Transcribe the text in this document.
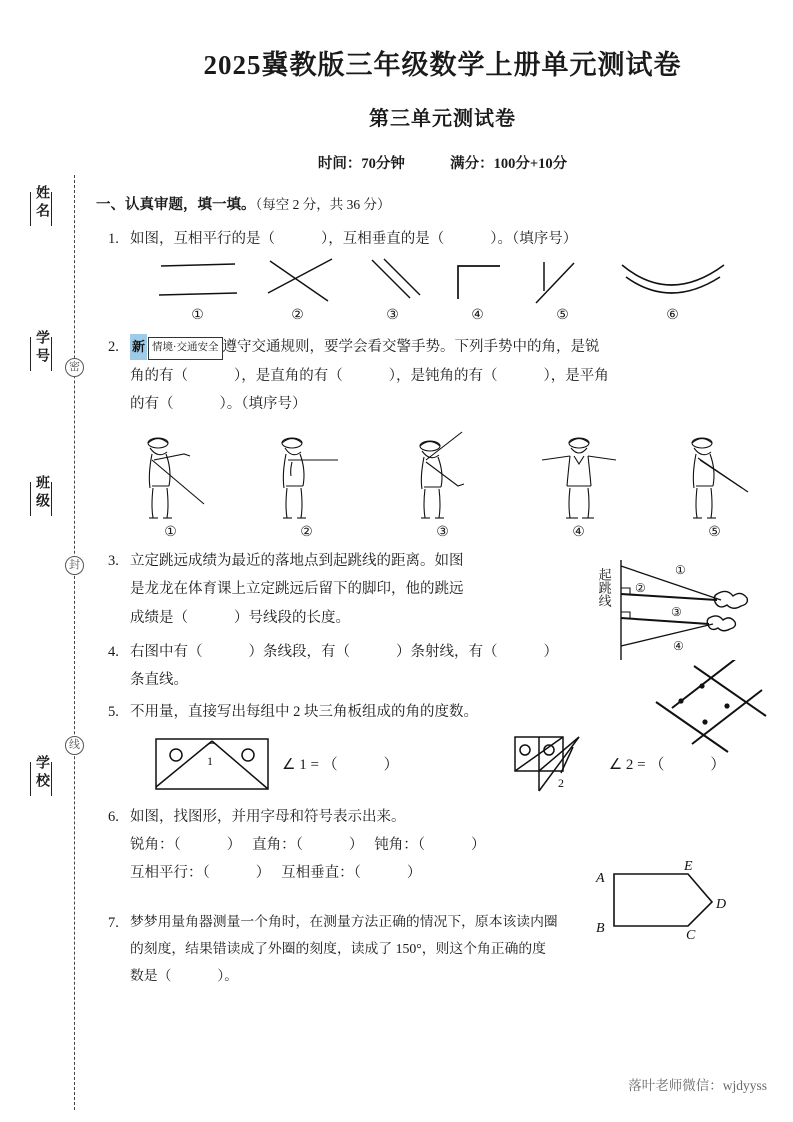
姓名
学号
班级
学校
密
封
线
2025冀教版三年级数学上册单元测试卷
第三单元测试卷
时间：70分钟	满分：100分+10分
一、认真审题，填一填。（每空 2 分，共 36 分）
1. 如图，互相平行的是（	），互相垂直的是（	）。（填序号）
①	②	③	④	⑤	⑥
2.	新 情境·交通安全 遵守交通规则，要学会看交警手势。下列手势中的角，是锐
角的有（	），是直角的有（	），是钝角的有（	），是平角
的有（	）。（填序号）
①	②	③	④	⑤
3. 立定跳远成绩为最近的落地点到起跳线的距离。如图
是龙龙在体育课上立定跳远后留下的脚印，他的跳远
成绩是（	）号线段的长度。
起跳线	①
②
③
④
4. 右图中有（	）条线段，有（	）条射线，有（	）
条直线。
5. 不用量，直接写出每组中 2 块三角板组成的角的度数。
1	∠ 1 = （	）
2
∠ 2 = （	）
6. 如图，找图形，并用字母和符号表示出来。
锐角：（	） 直角：（	） 钝角：（	）
互相平行：（	） 互相垂直：（	）	A
B	C
D
E
7. 梦梦用量角器测量一个角时，在测量方法正确的情况下，原本该读内圈
的刻度，结果错读成了外圈的刻度，读成了 150°，则这个角正确的度
数是（	）。
落叶老师微信：wjdyyss
